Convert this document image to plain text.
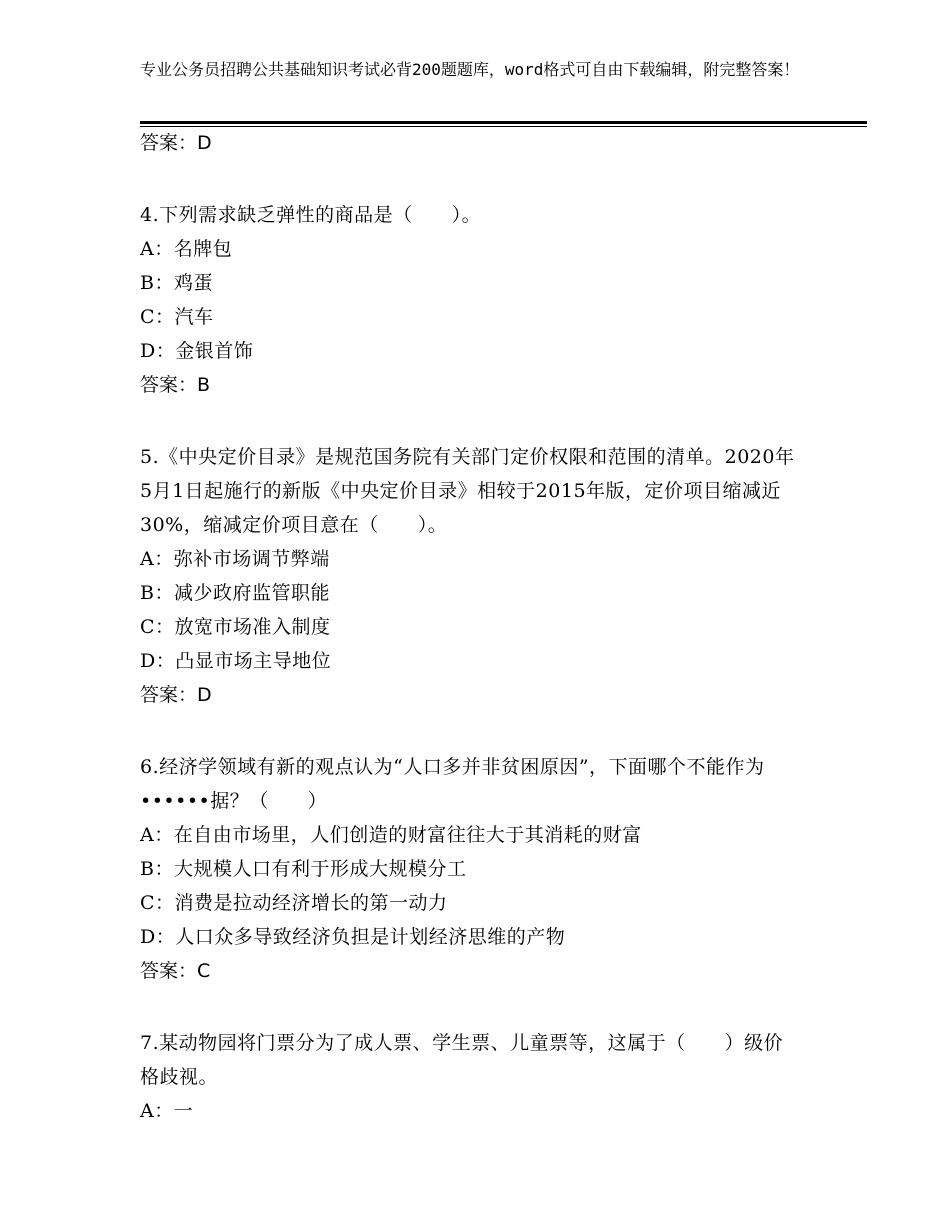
专业公务员招聘公共基础知识考试必背200题题库，word格式可自由下载编辑，附完整答案！
答案：D
4.下列需求缺乏弹性的商品是（　　）。
A：名牌包
B：鸡蛋
C：汽车
D：金银首饰
答案：B
5.《中央定价目录》是规范国务院有关部门定价权限和范围的清单。2020年5月1日起施行的新版《中央定价目录》相较于2015年版，定价项目缩减近30%，缩减定价项目意在（　　）。
A：弥补市场调节弊端
B：减少政府监管职能
C：放宽市场准入制度
D：凸显市场主导地位
答案：D
6.经济学领域有新的观点认为“人口多并非贫困原因”，下面哪个不能作为••••••据？（　　）
A：在自由市场里，人们创造的财富往往大于其消耗的财富
B：大规模人口有利于形成大规模分工
C：消费是拉动经济增长的第一动力
D：人口众多导致经济负担是计划经济思维的产物
答案：C
7.某动物园将门票分为了成人票、学生票、儿童票等，这属于（　　）级价格歧视。
A：一
